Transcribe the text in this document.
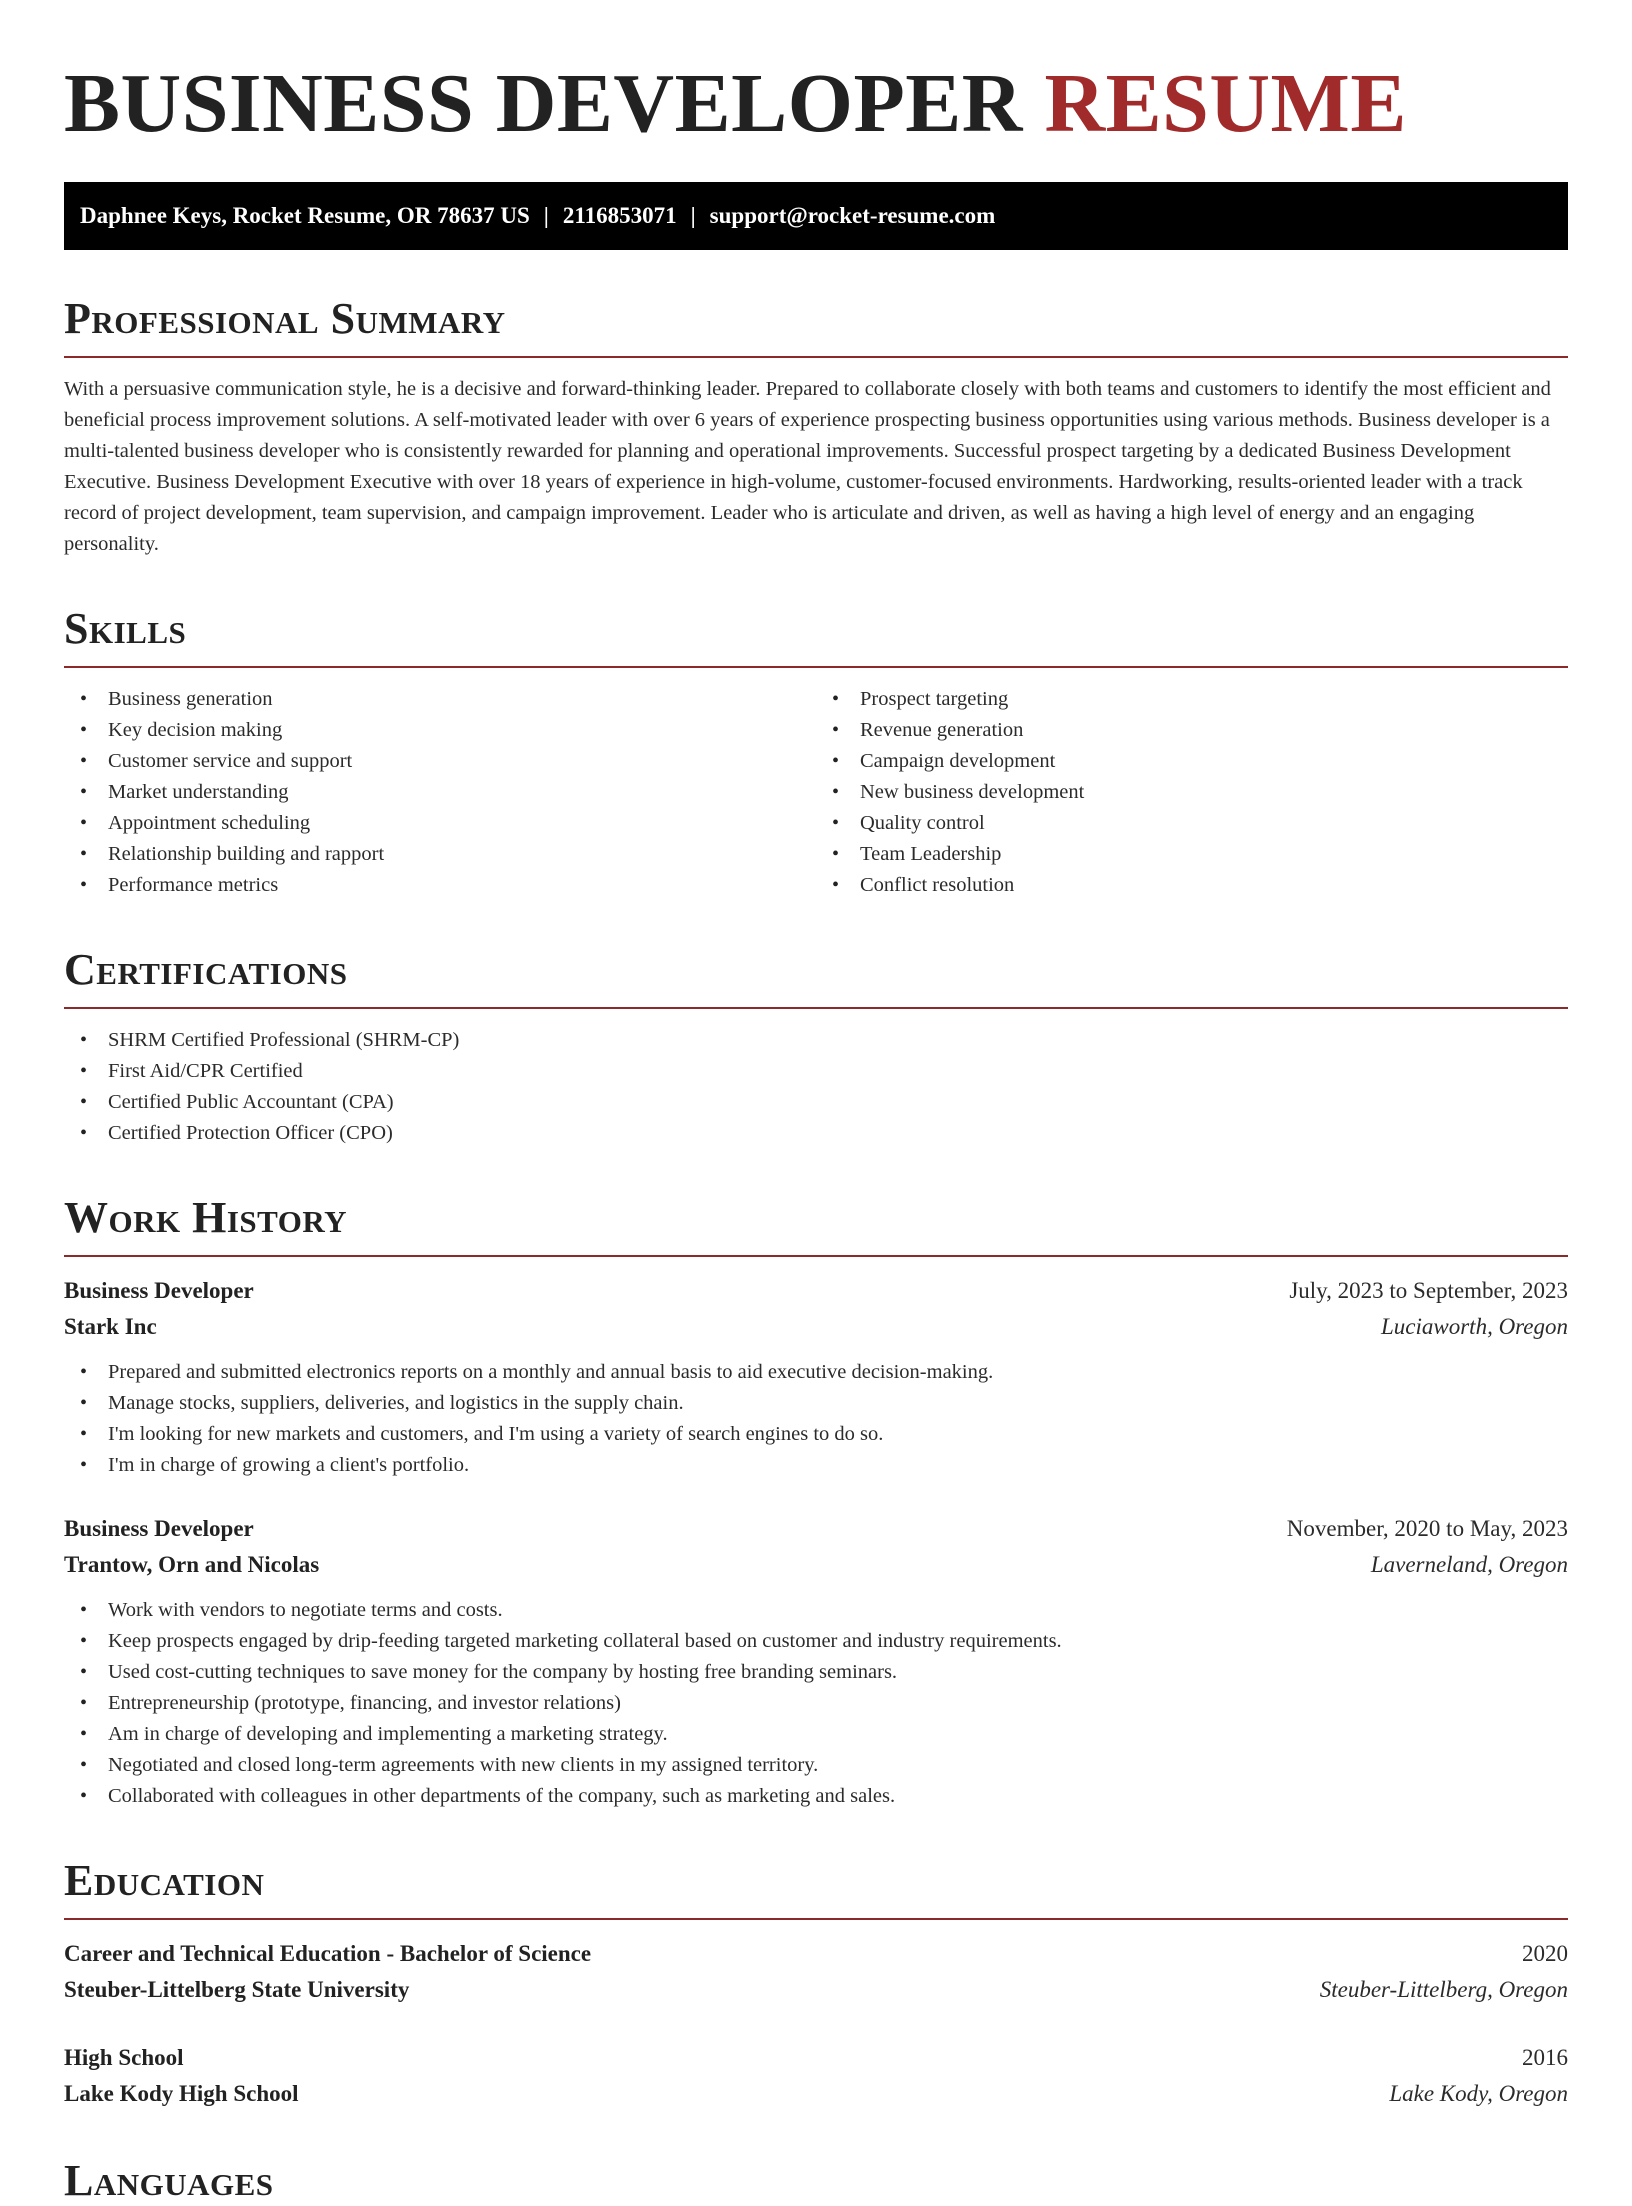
BUSINESS DEVELOPER RESUME
Daphnee Keys, Rocket Resume, OR 78637 US | 2116853071 | support@rocket-resume.com
Professional Summary

With a persuasive communication style, he is a decisive and forward-thinking leader. Prepared to collaborate closely with both teams and customers to identify the most efficient and beneficial process improvement solutions. A self-motivated leader with over 6 years of experience prospecting business opportunities using various methods. Business developer is a multi-talented business developer who is consistently rewarded for planning and operational improvements. Successful prospect targeting by a dedicated Business Development Executive. Business Development Executive with over 18 years of experience in high-volume, customer-focused environments. Hardworking, results-oriented leader with a track record of project development, team supervision, and campaign improvement. Leader who is articulate and driven, as well as having a high level of energy and an engaging personality.

Skills
• Business generation
• Key decision making
• Customer service and support
• Market understanding
• Appointment scheduling
• Relationship building and rapport
• Performance metrics
• Prospect targeting
• Revenue generation
• Campaign development
• New business development
• Quality control
• Team Leadership
• Conflict resolution
Certifications
• SHRM Certified Professional (SHRM-CP)
• First Aid/CPR Certified
• Certified Public Accountant (CPA)
• Certified Protection Officer (CPO)
Work History
Business Developer	July, 2023 to September, 2023
Stark Inc	Luciaworth, Oregon
• Prepared and submitted electronics reports on a monthly and annual basis to aid executive decision-making.
• Manage stocks, suppliers, deliveries, and logistics in the supply chain.
• I'm looking for new markets and customers, and I'm using a variety of search engines to do so.
• I'm in charge of growing a client's portfolio.
Business Developer	November, 2020 to May, 2023
Trantow, Orn and Nicolas	Laverneland, Oregon
• Work with vendors to negotiate terms and costs.
• Keep prospects engaged by drip-feeding targeted marketing collateral based on customer and industry requirements.
• Used cost-cutting techniques to save money for the company by hosting free branding seminars.
• Entrepreneurship (prototype, financing, and investor relations)
• Am in charge of developing and implementing a marketing strategy.
• Negotiated and closed long-term agreements with new clients in my assigned territory.
• Collaborated with colleagues in other departments of the company, such as marketing and sales.
Education
Career and Technical Education - Bachelor of Science	2020
Steuber-Littelberg State University	Steuber-Littelberg, Oregon
High School	2016
Lake Kody High School	Lake Kody, Oregon
Languages
